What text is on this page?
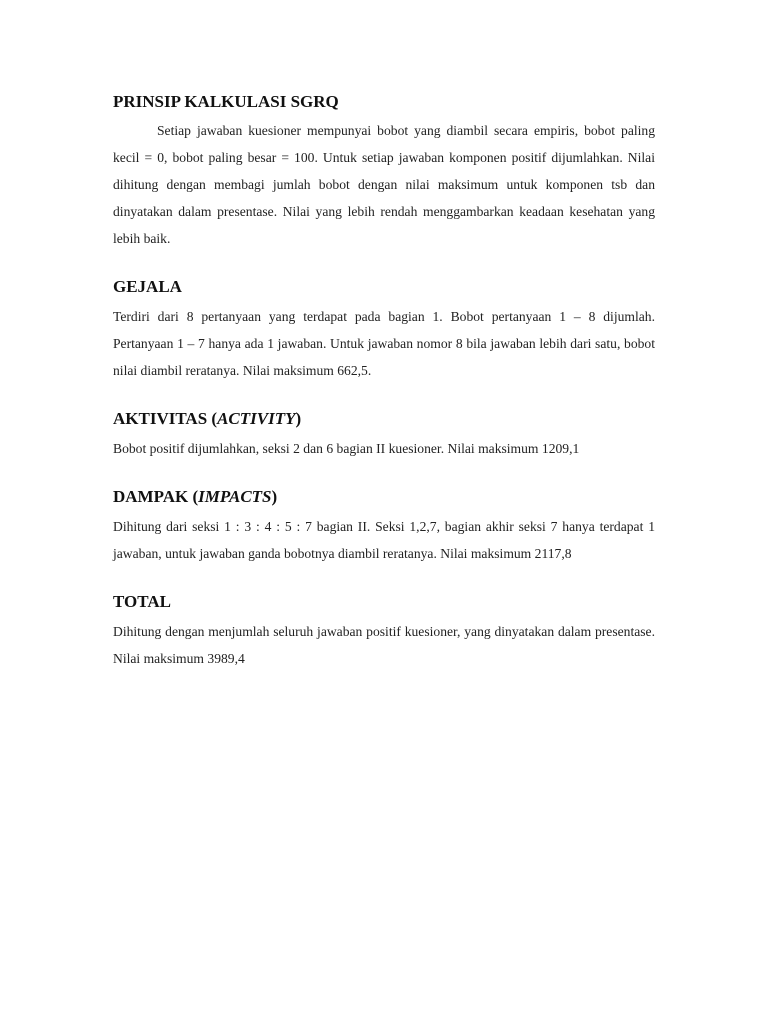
PRINSIP KALKULASI SGRQ

Setiap jawaban kuesioner mempunyai bobot yang diambil secara empiris, bobot paling kecil = 0, bobot paling besar = 100. Untuk setiap jawaban komponen positif dijumlahkan. Nilai dihitung dengan membagi jumlah bobot dengan nilai maksimum untuk komponen tsb dan dinyatakan dalam presentase. Nilai yang lebih rendah menggambarkan keadaan kesehatan yang lebih baik.

GEJALA

Terdiri dari 8 pertanyaan yang terdapat pada bagian 1. Bobot pertanyaan 1 – 8 dijumlah. Pertanyaan 1 – 7 hanya ada 1 jawaban. Untuk jawaban nomor 8 bila jawaban lebih dari satu, bobot nilai diambil reratanya. Nilai maksimum 662,5.

AKTIVITAS (ACTIVITY)

Bobot positif dijumlahkan, seksi 2 dan 6 bagian II kuesioner. Nilai maksimum 1209,1

DAMPAK (IMPACTS)

Dihitung dari seksi 1 : 3 : 4 : 5 : 7 bagian II. Seksi 1,2,7, bagian akhir seksi 7 hanya terdapat 1 jawaban, untuk jawaban ganda bobotnya diambil reratanya. Nilai maksimum 2117,8

TOTAL

Dihitung dengan menjumlah seluruh jawaban positif kuesioner, yang dinyatakan dalam presentase. Nilai maksimum 3989,4
